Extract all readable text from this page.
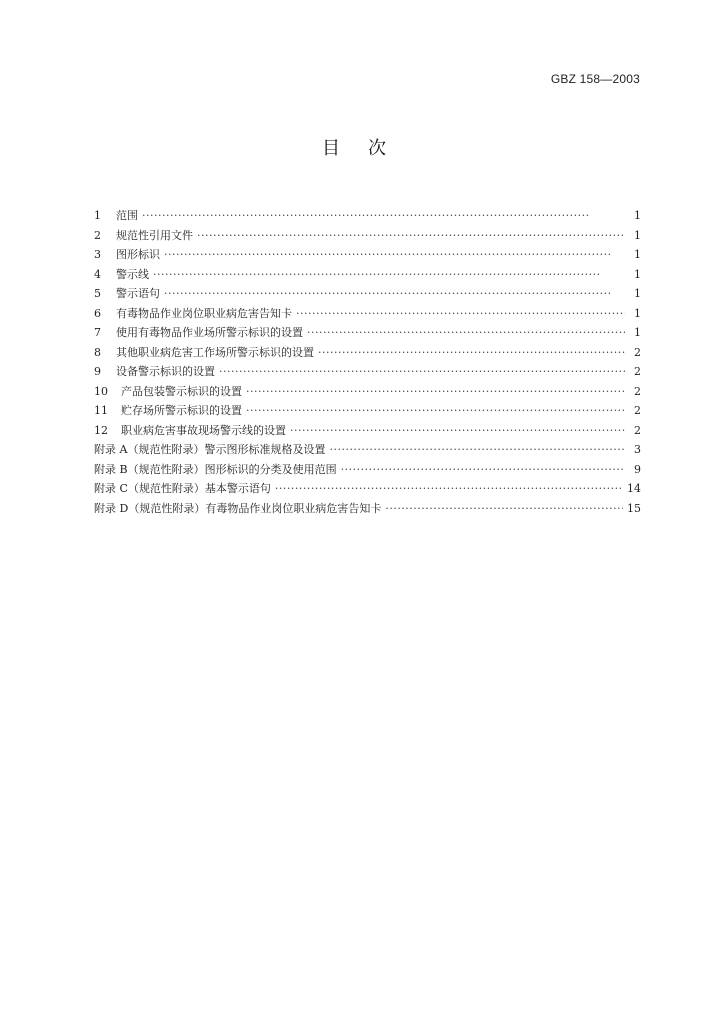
GBZ 158—2003
目次
1	范围 ·····	1
2	规范性引用文件 ·····	1
3	图形标识 ·····	1
4	警示线 ·····	1
5	警示语句 ·····	1
6	有毒物品作业岗位职业病危害告知卡 ·····	1
7	使用有毒物品作业场所警示标识的设置 ·····	1
8	其他职业病危害工作场所警示标识的设置 ·····	2
9	设备警示标识的设置 ·····	2
10	产品包装警示标识的设置 ·····	2
11	贮存场所警示标识的设置 ·····	2
12	职业病危害事故现场警示线的设置 ·····	2
附录 A（规范性附录）警示图形标准规格及设置 ·····	3
附录 B（规范性附录）图形标识的分类及使用范围 ·····	9
附录 C（规范性附录）基本警示语句 ·····	14
附录 D（规范性附录）有毒物品作业岗位职业病危害告知卡 ·····	15
